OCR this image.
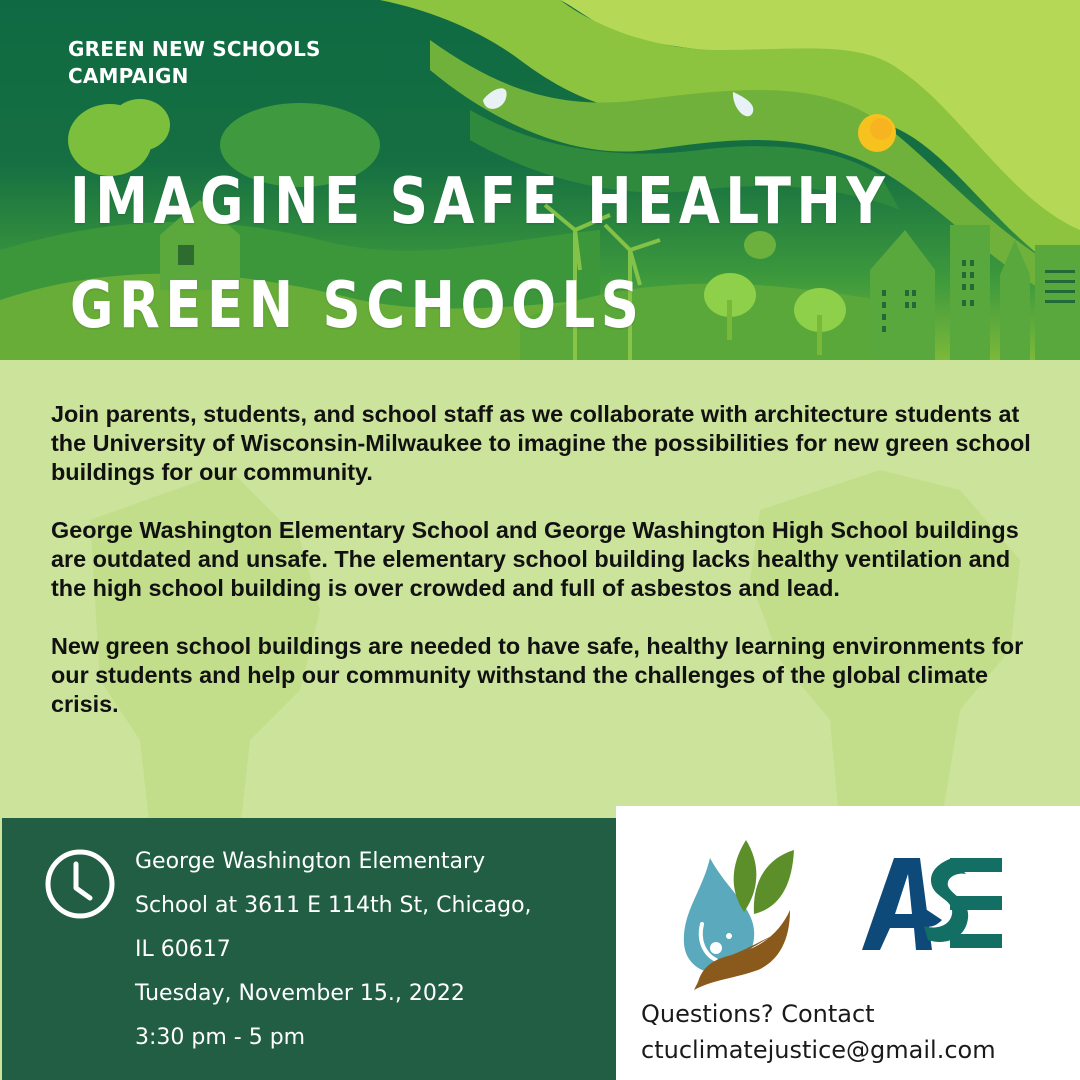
GREEN NEW SCHOOLS
CAMPAIGN
IMAGINE SAFE HEALTHY
GREEN SCHOOLS

Join parents, students, and school staff as we collaborate with architecture students at the University of Wisconsin-Milwaukee to imagine the possibilities for new green school buildings for our community.

George Washington Elementary School and George Washington High School buildings are outdated and unsafe. The elementary school building lacks healthy ventilation and the high school building is over crowded and full of asbestos and lead.

New green school buildings are needed to have safe, healthy learning environments for our students and help our community withstand the challenges of the global climate crisis.

George Washington Elementary
School at 3611 E 114th St, Chicago,
IL 60617
Tuesday, November 15., 2022
3:30 pm - 5 pm
Questions? Contact
ctuclimatejustice@gmail.com
